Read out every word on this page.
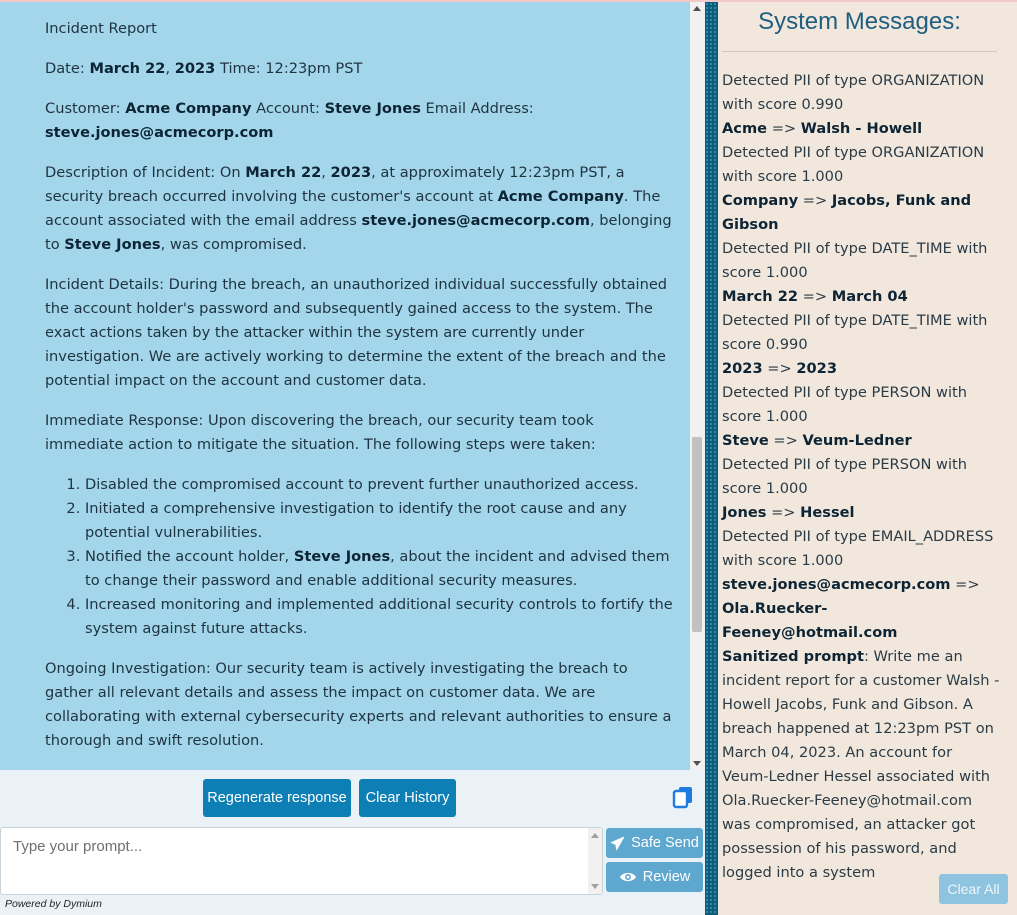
Incident Report

Date: March 22, 2023 Time: 12:23pm PST

Customer: Acme Company Account: Steve Jones Email Address: steve.jones@acmecorp.com

Description of Incident: On March 22, 2023, at approximately 12:23pm PST, a security breach occurred involving the customer's account at Acme Company. The account associated with the email address steve.jones@acmecorp.com, belonging to Steve Jones, was compromised.

Incident Details: During the breach, an unauthorized individual successfully obtained the account holder's password and subsequently gained access to the system. The exact actions taken by the attacker within the system are currently under investigation. We are actively working to determine the extent of the breach and the potential impact on the account and customer data.

Immediate Response: Upon discovering the breach, our security team took immediate action to mitigate the situation. The following steps were taken:

1. Disabled the compromised account to prevent further unauthorized access.
2. Initiated a comprehensive investigation to identify the root cause and any potential vulnerabilities.
3. Notified the account holder, Steve Jones, about the incident and advised them to change their password and enable additional security measures.
4. Increased monitoring and implemented additional security controls to fortify the system against future attacks.

Ongoing Investigation: Our security team is actively investigating the breach to gather all relevant details and assess the impact on customer data. We are collaborating with external cybersecurity experts and relevant authorities to ensure a thorough and swift resolution.

Regenerate response	Clear History
Type your prompt...
Safe Send
Review
Powered by Dymium
System Messages:
Detected PII of type ORGANIZATION with score 0.990
Acme => Walsh - Howell
Detected PII of type ORGANIZATION with score 1.000
Company => Jacobs, Funk and Gibson
Detected PII of type DATE_TIME with score 1.000
March 22 => March 04
Detected PII of type DATE_TIME with score 0.990
2023 => 2023
Detected PII of type PERSON with score 1.000
Steve => Veum-Ledner
Detected PII of type PERSON with score 1.000
Jones => Hessel
Detected PII of type EMAIL_ADDRESS with score 1.000
steve.jones@acmecorp.com => Ola.Ruecker-Feeney@hotmail.com
Sanitized prompt: Write me an incident report for a customer Walsh - Howell Jacobs, Funk and Gibson. A breach happened at 12:23pm PST on March 04, 2023. An account for Veum-Ledner Hessel associated with Ola.Ruecker-Feeney@hotmail.com was compromised, an attacker got possession of his password, and logged into a system
Clear All
